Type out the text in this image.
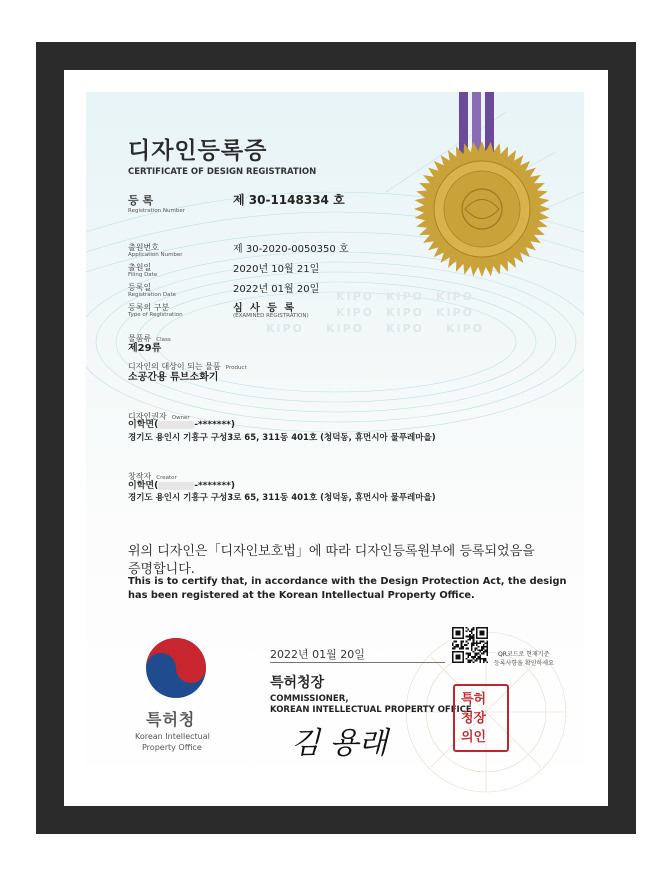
KIPO KIPO KIPO
KIPO KIPO KIPO
KIPO KIPO KIPO KIPO
디자인등록증
CERTIFICATE OF DESIGN REGISTRATION
등 록
Registration Number
제 30-1148334 호
출원번호
Application Number	제 30-2020-0050350 호
출원일
Filing Date	2020년 10월 21일
등록일
Registration Date	2022년 01월 20일
등록의 구분
Type of Registration
심 사 등 록
(EXAMINED REGISTRATION)
물품류 Class
제29류
디자인의 대상이 되는 물품 Product
소공간용 튜브소화기
디자인권자 Owner
이학면(	-*******)
경기도 용인시 기흥구 구성3로 65, 311동 401호 (청덕동, 휴먼시아 물푸레마을)
창작자 Creator
이학면(	-*******)
경기도 용인시 기흥구 구성3로 65, 311동 401호 (청덕동, 휴먼시아 물푸레마을)
위의 디자인은「디자인보호법」에 따라 디자인등록원부에 등록되었음을
증명합니다.
This is to certify that, in accordance with the Design Protection Act, the design
has been registered at the Korean Intellectual Property Office.
특허청
Korean Intellectual
Property Office
2022년 01월 20일	QR코드로 현재기준
등록사항을 확인하세요
특허청장
COMMISSIONER,
KOREAN INTELLECTUAL PROPERTY OFFICE
김 용래
특허
청장
의인
